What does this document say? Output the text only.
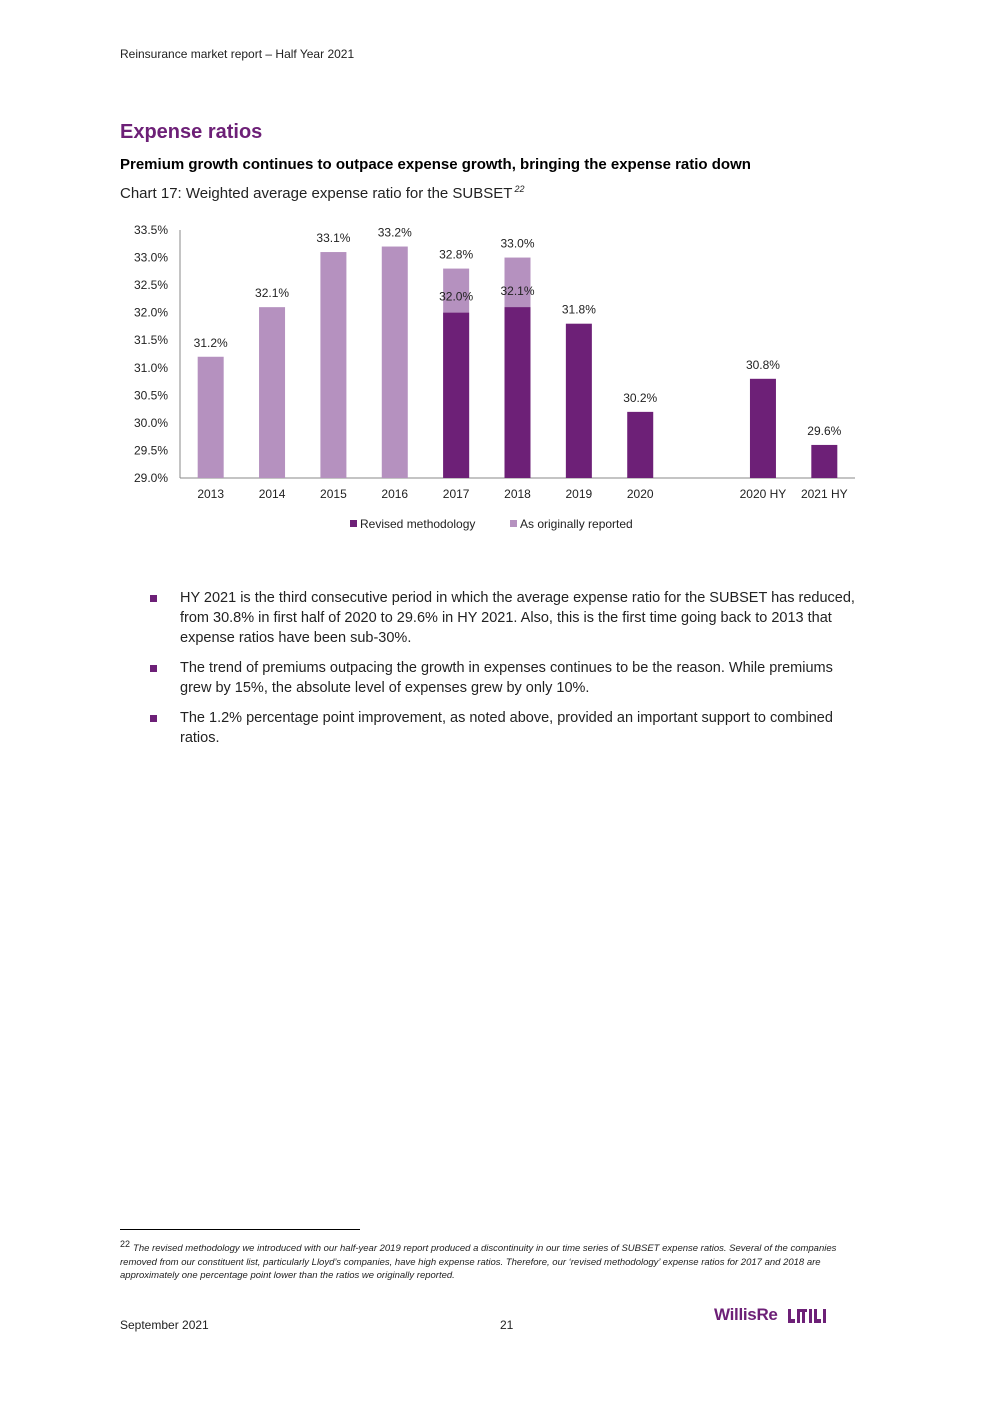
Reinsurance market report – Half Year 2021
Expense ratios
Premium growth continues to outpace expense growth, bringing the expense ratio down
Chart 17: Weighted average expense ratio for the SUBSET $^{22}$
29.0%
29.5%
30.0%
30.5%
31.0%
31.5%
32.0%
32.5%
33.0%
33.5%
31.2%
2013
32.1%
2014
33.1%
2015
33.2%
2016
32.8%
32.0%
2017
33.0%
32.1%
2018
31.8%
2019
30.2%
2020
30.8%
2020 HY
29.6%
2021 HY
Revised methodology	As originally reported
HY 2021 is the third consecutive period in which the average expense ratio for the SUBSET has reduced, from 30.8% in first half of 2020 to 29.6% in HY 2021. Also, this is the first time going back to 2013 that expense ratios have been sub-30%.
The trend of premiums outpacing the growth in expenses continues to be the reason. While premiums grew by 15%, the absolute level of expenses grew by only 10%.
The 1.2% percentage point improvement, as noted above, provided an important support to combined ratios.
$^{22}$ The revised methodology we introduced with our half-year 2019 report produced a discontinuity in our time series of SUBSET expense ratios. Several of the companies removed from our constituent list, particularly Lloyd’s companies, have high expense ratios. Therefore, our ‘revised methodology’ expense ratios for 2017 and 2018 are approximately one percentage point lower than the ratios we originally reported.
September 2021	21
WillisRe
